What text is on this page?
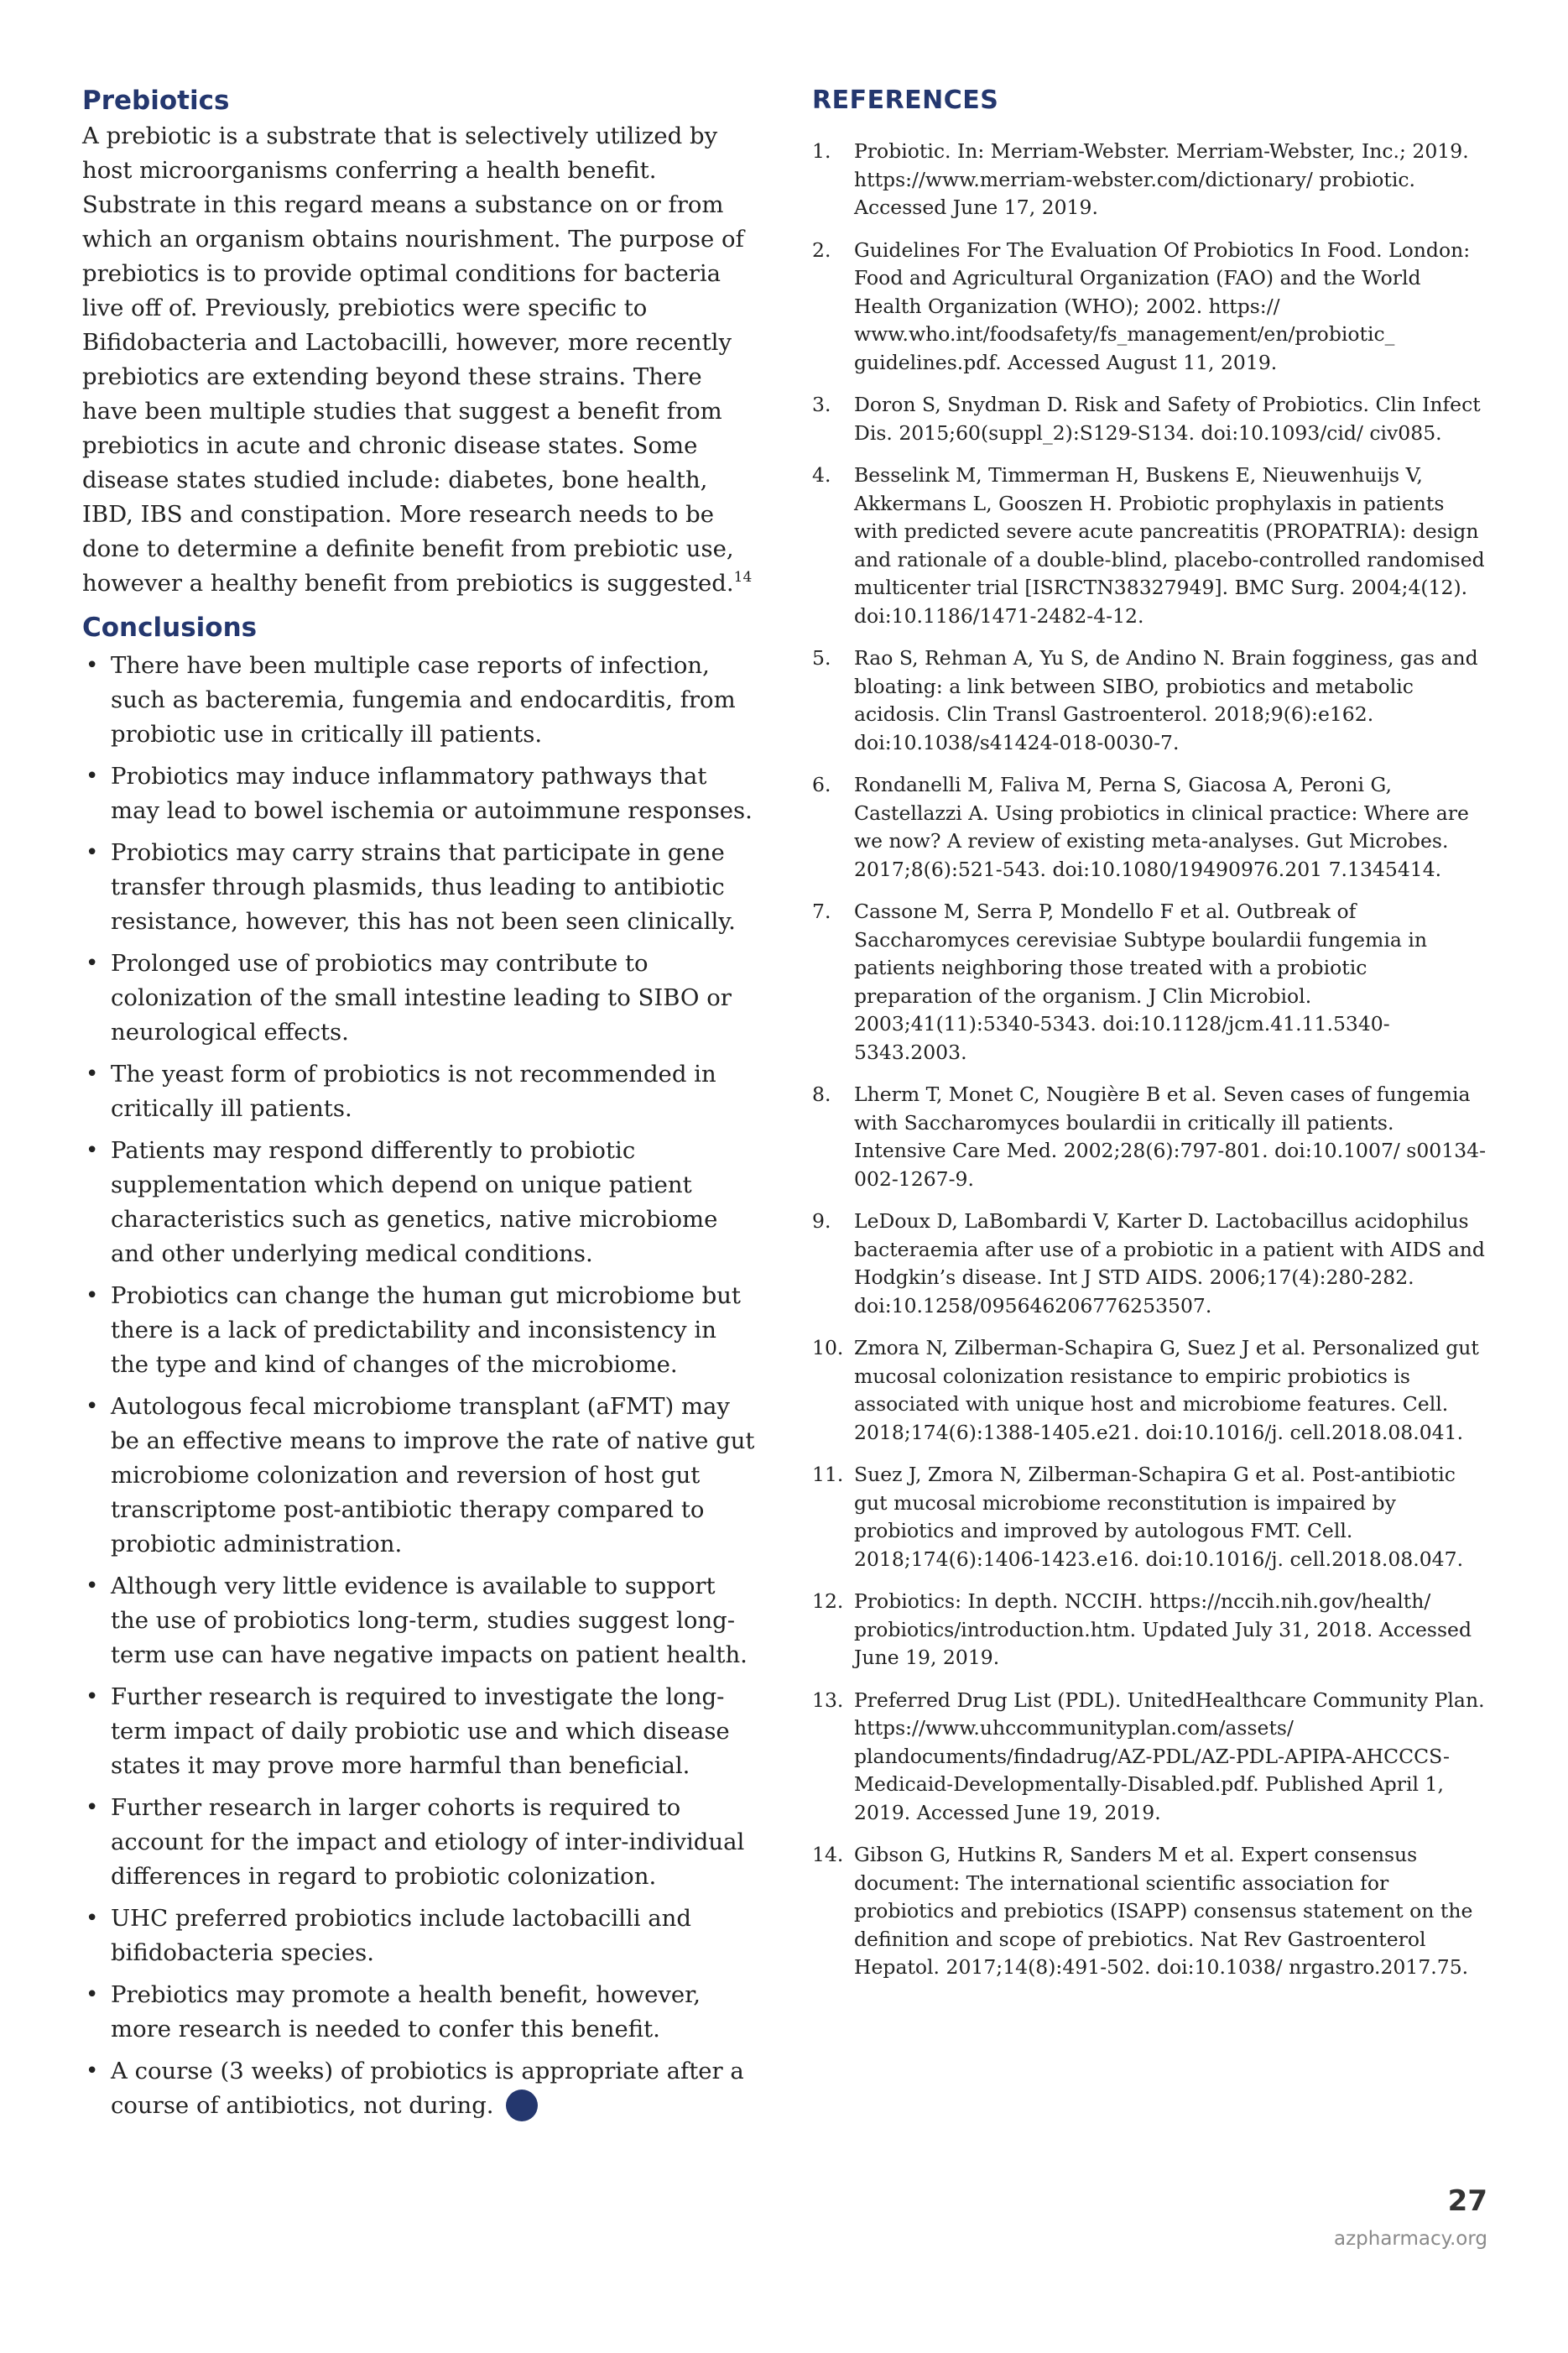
Prebiotics

A prebiotic is a substrate that is selectively utilized by host microorganisms conferring a health benefit. Substrate in this regard means a substance on or from which an organism obtains nourishment. The purpose of prebiotics is to provide optimal conditions for bacteria live off of. Previously, prebiotics were specific to Bifidobacteria and Lactobacilli, however, more recently prebiotics are extending beyond these strains. There have been multiple studies that suggest a benefit from prebiotics in acute and chronic disease states. Some disease states studied include: diabetes, bone health, IBD, IBS and constipation. More research needs to be done to determine a definite benefit from prebiotic use, however a healthy benefit from prebiotics is suggested.$^{14}$

Conclusions
• There have been multiple case reports of infection, such as bacteremia, fungemia and endocarditis, from probiotic use in critically ill patients.
• Probiotics may induce inflammatory pathways that may lead to bowel ischemia or autoimmune responses.
• Probiotics may carry strains that participate in gene transfer through plasmids, thus leading to antibiotic resistance, however, this has not been seen clinically.
• Prolonged use of probiotics may contribute to colonization of the small intestine leading to SIBO or neurological effects.
• The yeast form of probiotics is not recommended in critically ill patients.
• Patients may respond differently to probiotic supplementation which depend on unique patient characteristics such as genetics, native microbiome and other underlying medical conditions.
• Probiotics can change the human gut microbiome but there is a lack of predictability and inconsistency in the type and kind of changes of the microbiome.
• Autologous fecal microbiome transplant (aFMT) may be an effective means to improve the rate of native gut microbiome colonization and reversion of host gut transcriptome post-antibiotic therapy compared to probiotic administration.
• Although very little evidence is available to support the use of probiotics long-term, studies suggest long-term use can have negative impacts on patient health.
• Further research is required to investigate the long-term impact of daily probiotic use and which disease states it may prove more harmful than beneficial.
• Further research in larger cohorts is required to account for the impact and etiology of inter-individual differences in regard to probiotic colonization.
• UHC preferred probiotics include lactobacilli and bifidobacteria species.
• Prebiotics may promote a health benefit, however, more research is needed to confer this benefit.
• A course (3 weeks) of probiotics is appropriate after a course of antibiotics, not during.
REFERENCES
1. Probiotic. In: Merriam-Webster. Merriam-Webster, Inc.; 2019. https://www.merriam-webster.com/dictionary/ probiotic. Accessed June 17, 2019.
2. Guidelines For The Evaluation Of Probiotics In Food. London: Food and Agricultural Organization (FAO) and the World Health Organization (WHO); 2002. https:// www.who.int/foodsafety/fs_management/en/probiotic_ guidelines.pdf. Accessed August 11, 2019.
3. Doron S, Snydman D. Risk and Safety of Probiotics. Clin Infect Dis. 2015;60(suppl_2):S129-S134. doi:10.1093/cid/ civ085.
4. Besselink M, Timmerman H, Buskens E, Nieuwenhuijs V, Akkermans L, Gooszen H. Probiotic prophylaxis in patients with predicted severe acute pancreatitis (PROPATRIA): design and rationale of a double-blind, placebo-controlled randomised multicenter trial [ISRCTN38327949]. BMC Surg. 2004;4(12). doi:10.1186/1471-2482-4-12.
5. Rao S, Rehman A, Yu S, de Andino N. Brain fogginess, gas and bloating: a link between SIBO, probiotics and metabolic acidosis. Clin Transl Gastroenterol. 2018;9(6):e162. doi:10.1038/s41424-018-0030-7.
6. Rondanelli M, Faliva M, Perna S, Giacosa A, Peroni G, Castellazzi A. Using probiotics in clinical practice: Where are we now? A review of existing meta-analyses. Gut Microbes. 2017;8(6):521-543. doi:10.1080/19490976.201 7.1345414.
7. Cassone M, Serra P, Mondello F et al. Outbreak of Saccharomyces cerevisiae Subtype boulardii fungemia in patients neighboring those treated with a probiotic preparation of the organism. J Clin Microbiol. 2003;41(11):5340-5343. doi:10.1128/jcm.41.11.5340-5343.2003.
8. Lherm T, Monet C, Nougière B et al. Seven cases of fungemia with Saccharomyces boulardii in critically ill patients. Intensive Care Med. 2002;28(6):797-801. doi:10.1007/ s00134-002-1267-9.
9. LeDoux D, LaBombardi V, Karter D. Lactobacillus acidophilus bacteraemia after use of a probiotic in a patient with AIDS and Hodgkin’s disease. Int J STD AIDS. 2006;17(4):280-282. doi:10.1258/095646206776253507.
10. Zmora N, Zilberman-Schapira G, Suez J et al. Personalized gut mucosal colonization resistance to empiric probiotics is associated with unique host and microbiome features. Cell. 2018;174(6):1388-1405.e21. doi:10.1016/j. cell.2018.08.041.
11. Suez J, Zmora N, Zilberman-Schapira G et al. Post-antibiotic gut mucosal microbiome reconstitution is impaired by probiotics and improved by autologous FMT. Cell. 2018;174(6):1406-1423.e16. doi:10.1016/j. cell.2018.08.047.
12. Probiotics: In depth. NCCIH. https://nccih.nih.gov/health/ probiotics/introduction.htm. Updated July 31, 2018. Accessed June 19, 2019.
13. Preferred Drug List (PDL). UnitedHealthcare Community Plan. https://www.uhccommunityplan.com/assets/ plandocuments/findadrug/AZ-PDL/AZ-PDL-APIPA-AHCCCS-Medicaid-Developmentally-Disabled.pdf. Published April 1, 2019. Accessed June 19, 2019.
14. Gibson G, Hutkins R, Sanders M et al. Expert consensus document: The international scientific association for probiotics and prebiotics (ISAPP) consensus statement on the definition and scope of prebiotics. Nat Rev Gastroenterol Hepatol. 2017;14(8):491-502. doi:10.1038/ nrgastro.2017.75.
27
azpharmacy.org
